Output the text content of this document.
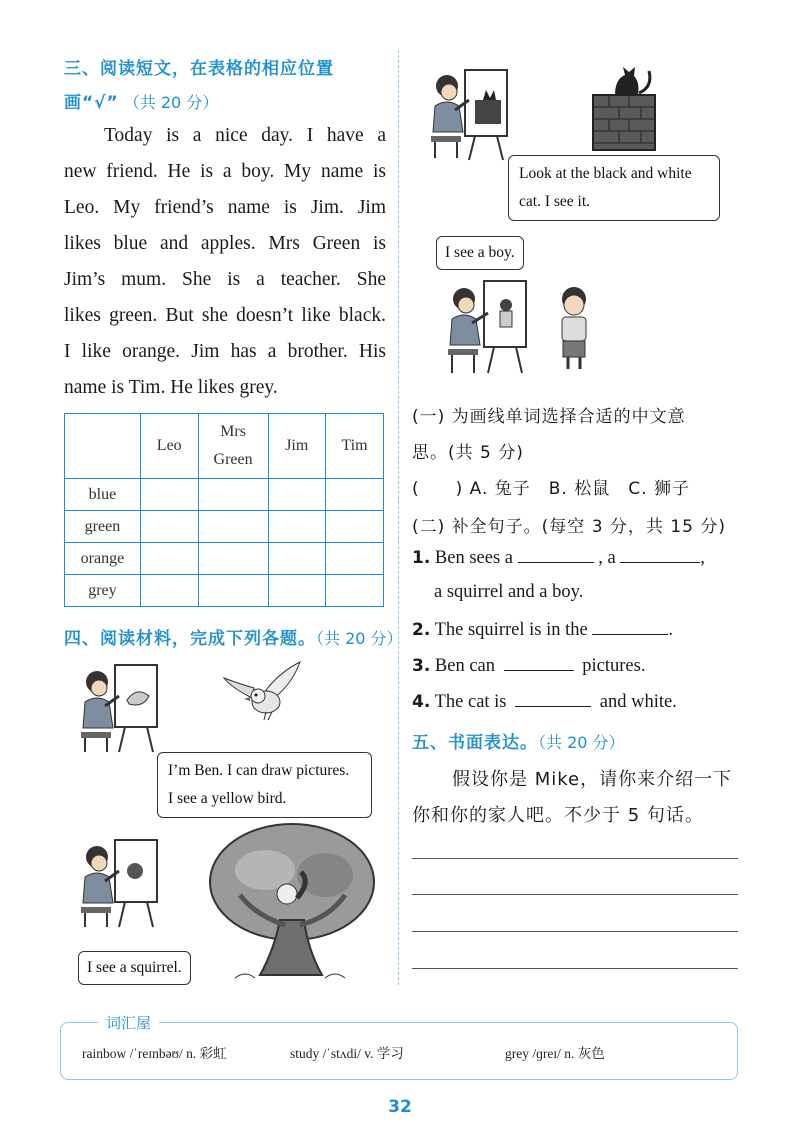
三、阅读短文，在表格的相应位置
画“√” （共 20 分）

Today is a nice day. I have a

new friend. He is a boy. My name is

Leo. My friend’s name is Jim. Jim

likes blue and apples. Mrs Green is

Jim’s mum. She is a teacher. She

likes green. But she doesn’t like black.

I like orange. Jim has a brother. His

name is Tim. He likes grey.

	Leo	Mrs Green	Jim	Tim
blue				
green				
orange				
grey				
四、阅读材料，完成下列各题。（共 20 分）
I’m Ben. I can draw pictures.
I see a yellow bird.
I see a squirrel.
Look at the black and white
cat. I see it.
I see a boy.
(一) 为画线单词选择合适的中文意
思。(共 5 分)
(　　) A. 兔子　B. 松鼠　C. 狮子
(二) 补全句子。(每空 3 分，共 15 分)
1. Ben sees a	, a	,
a squirrel and a boy.
2. The squirrel is in the	.
3. Ben can	pictures.
4. The cat is	and white.
五、书面表达。（共 20 分）
假设你是 Mike，请你来介绍一下
你和你的家人吧。不少于 5 句话。
词汇屋
rainbow /ˈreɪnbəʊ/ n. 彩虹	study /ˈstʌdi/ v. 学习	grey /ɡreɪ/ n. 灰色
32
